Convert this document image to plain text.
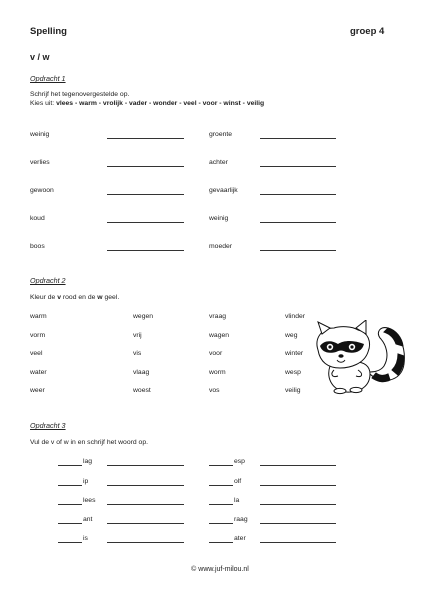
Spelling	groep 4
v / w
Opdracht 1
Schrijf het tegenovergestelde op.
Kies uit: vlees - warm - vrolijk - vader - wonder - veel - voor - winst - veilig
weinig	groente
verlies	achter
gewoon	gevaarlijk
koud	weinig
boos	moeder
Opdracht 2
Kleur de v rood en de w geel.
warm	wegen	vraag	vlinder
vorm	vrij	wagen	weg
veel	vis	voor	winter
water	vlaag	worm	wesp
weer	woest	vos	veilig
Opdracht 3
Vul de v of w in en schrijf het woord op.
lag	esp
ip	olf
lees	la
ant	raag
is	ater
© www.juf-milou.nl
